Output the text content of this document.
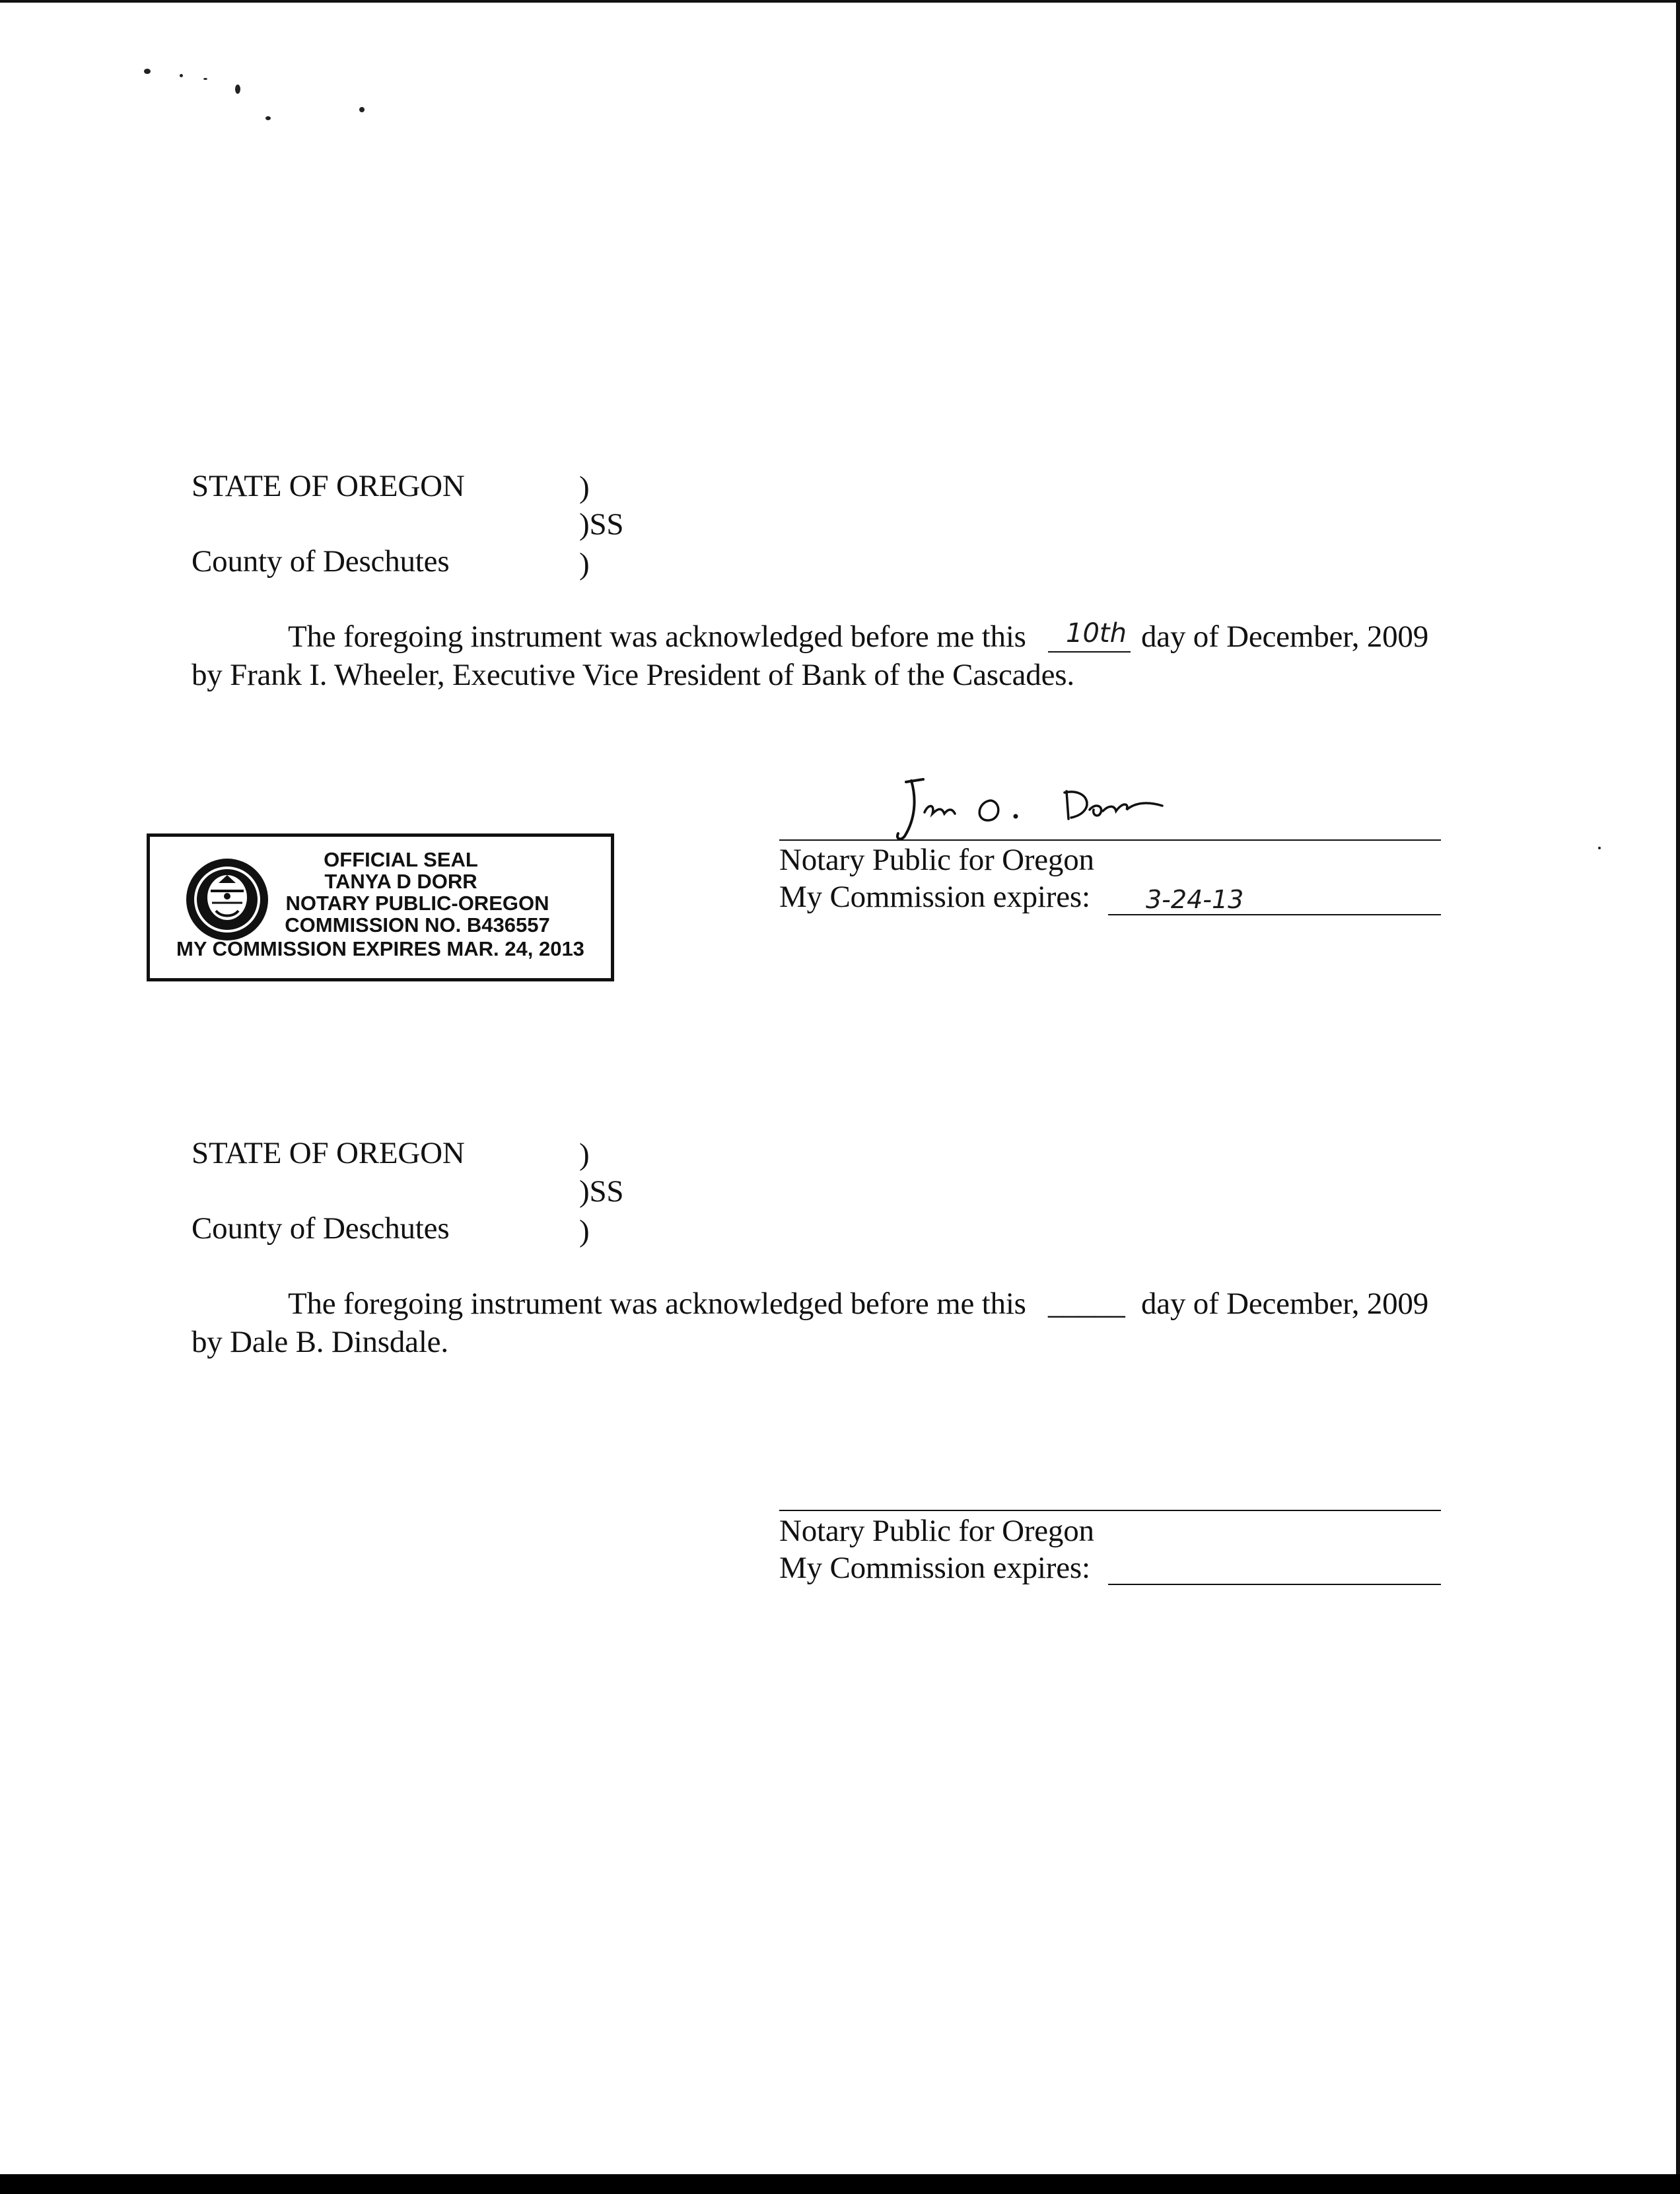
STATE OF OREGON	)
)SS
County of Deschutes	)
The foregoing instrument was acknowledged before me this 10th day of December, 2009
by Frank I. Wheeler, Executive Vice President of Bank of the Cascades.
Notary Public for Oregon
My Commission expires: 3-24-13
OFFICIAL SEAL
TANYA D DORR
NOTARY PUBLIC-OREGON
COMMISSION NO. B436557
MY COMMISSION EXPIRES MAR. 24, 2013
STATE OF OREGON	)
)SS
County of Deschutes	)
The foregoing instrument was acknowledged before me this _____ day of December, 2009
by Dale B. Dinsdale.
Notary Public for Oregon
My Commission expires:
